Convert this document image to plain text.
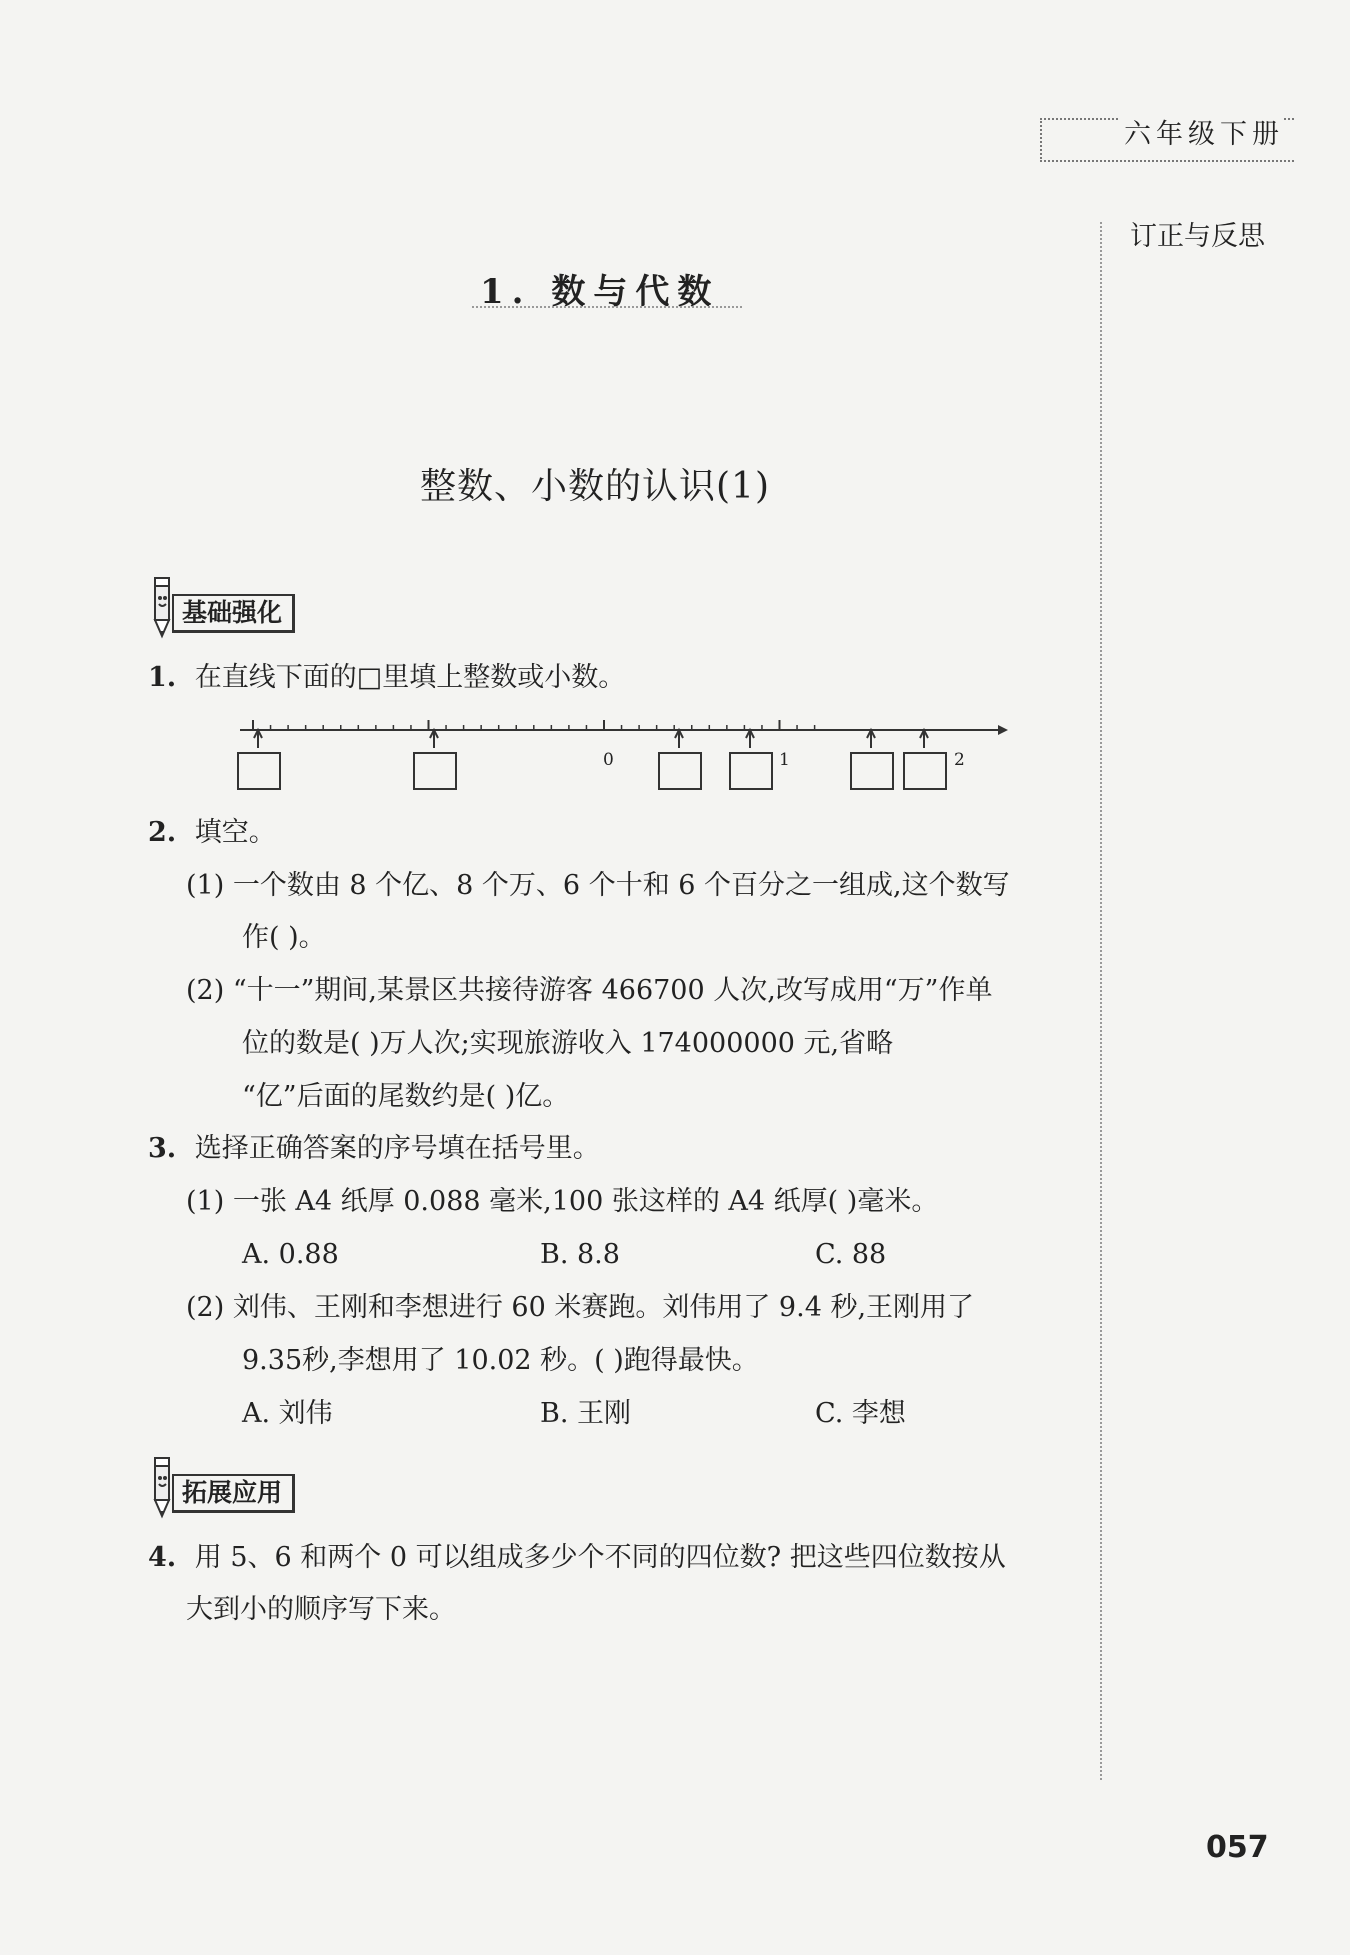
六年级下册
订正与反思
1. 数与代数
整数、小数的认识(1)
基础强化
1. 在直线下面的□里填上整数或小数。
0	1	2
2. 填空。
(1) 一个数由 8 个亿、8 个万、6 个十和 6 个百分之一组成,这个数写
作( )。
(2) “十一”期间,某景区共接待游客 466700 人次,改写成用“万”作单
位的数是( )万人次;实现旅游收入 174000000 元,省略
“亿”后面的尾数约是( )亿。
3. 选择正确答案的序号填在括号里。
(1) 一张 A4 纸厚 0.088 毫米,100 张这样的 A4 纸厚( )毫米。
A. 0.88	B. 8.8	C. 88
(2) 刘伟、王刚和李想进行 60 米赛跑。刘伟用了 9.4 秒,王刚用了
9.35秒,李想用了 10.02 秒。( )跑得最快。
A. 刘伟	B. 王刚	C. 李想
拓展应用
4. 用 5、6 和两个 0 可以组成多少个不同的四位数? 把这些四位数按从
大到小的顺序写下来。
057
